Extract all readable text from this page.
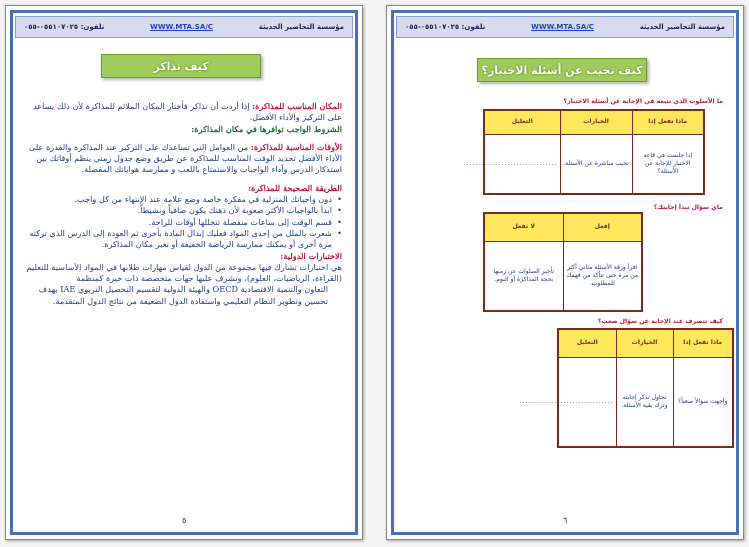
تلفون: ٠٥٥١٠٧٠٢٥-٠٥٥	WWW.MTA.SA/C	مؤسسة التحاضير الحديثة
كيف تذاكر
المكان المناسب للمذاكرة: إذا أردت أن تذاكر فأختار المكان الملائم للمذاكرة لأن ذلك يساعد على التركيز والأداء الأفضل.
الشروط الواجب توافرها في مكان المذاكرة:
الأوقات المناسبة للمذاكرة: من العوامل التي تساعدك على التركيز عند المذاكرة والقدرة على الأداء الأفضل تحديد الوقت المناسب للمذاكرة عن طريق وضع جدول زمني ينظم أوقاتك بين استذكار الدرس وأداء الواجبات والاستمتاع باللعب و ممارسة هواياتك المفضلة.
الطريقة الصحيحة للمذاكرة:
• دون واجباتك المنزلية في مفكرة خاصة وضع علامة عند الإنتهاء من كل واجب.
• ابدأ بالواجبات الأكثر صعوبة لأن ذهنك يكون صافياً ونشيطاً.
• قسم الوقت إلى ساعات منفصلة تتخللها أوقات للراحة.
• شعرت بالملل من إحدى المواد فعليك إبدال المادة بأخرى ثم العودة إلى الدرس الذي تركته مرة أخرى أو يمكنك ممارسة الرياضة الخفيفة أو تغير مكان المذاكرة.
الاختبارات الدولية:
هي اختبارات تشارك فيها مجموعة من الدول لقياس مهارات طلابها في المواد الأساسية للتعليم (القراءة، الرياضيات، العلوم)، وتشرف عليها جهات متخصصة ذات خبرة كمنظمة
التعاون والتنمية الاقتصادية OECD والهيئة الدولية لتقسيم التحصيل التربوي IAE بهدف تحسين وتطوير النظام التعليمي واستفادة الدول الضعيفة من نتائج الدول المتقدمة.
٥
تلفون: ٠٥٥١٠٧٠٢٥-٠٥٥	WWW.MTA.SA/C	مؤسسة التحاضير الحديثة
كيف تجيب عن أسئلة الاختبار؟
ما الأسلوب الذي تتبعه في الإجابة عن أسئلة الاختبار؟
التعليل	الخيارات	ماذا تفعل إذا
................................	تجيب مباشرة عن الأسئلة.	إذا جلست في قاعة الاختبار للإجابة عن الأسئلة؟
ماي سؤال تبدأ إجابتك؟
لا تفعل	إفعل
تأخير الصلوات عن زمنها بحجة المذاكرة أو النوم.	اقرأ ورقة الأسئلة مثاني أكثر من مرة حتى تتأكد من فهمك للمطلوب.
كيف تتصرف عند الإجابة عن سؤال صعب؟
التعليل	الخيارات	ماذا تفعل إذا
................................	تحاول تذكر إجابته وترك بقية الأسئلة.	واجهت سؤالاً صعباً؟
٦
